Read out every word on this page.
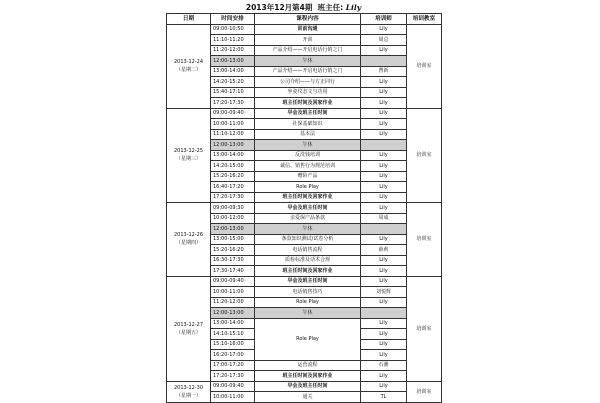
2013年12月第4期 班主任: Lily
日期	时间安排	课程内容	培训师	培训教室
2013-12-24
（星期二）	09:00-10:50	训前沟通	Lily	培训室
	11:10-11:20	开训	周总	
	11:20-12:00	产品介绍——开启电话行销之门	Lily	
	12:00-13:00	午休		
	13:00-14:00	产品介绍——开启电话行销之门	曹新	
	14:20-15:20	公司介绍——与方正同行	Lily	
	15:40-17:10	坐姿仪态文与功用	Lily	
	17:20-17:30	班主任时间及回家作业	Lily	
2013-12-25
（星期三）	09:00-09:40	早会及班主任时间	Lily	培训室
	10:00-11:00	社保基础知识	Lily	
	11:10-12:00	基本法	Lily	
	12:00-13:00	午休		
	13:00-14:00	反洗钱培训	Lily	
	14:20-15:00	诚信、销售行为规范培训	Lily	
	15:20-16:20	赠险产品	Lily	
	16:40-17:20	Role Play	Lily	
	17:20-17:30	班主任时间及回家作业	Lily	
2013-12-26
（星期四）	09:00-09:30	早会及班主任时间	Lily	培训室
	10:00-12:00	亲爱保产品条款	周成	
	12:00-13:00	午休		
	13:00-15:00	条款知识测试/试卷分析	Lily	
	15:20-16:20	电话销售流程	薛莉	
	16:30-17:30	质检标准及话术合规	Lily	
	17:30-17:40	班主任时间及回家作业	Lily	
2013-12-27
（星期五）	09:00-09:40	早会及班主任时间	Lily	培训室
	10:00-11:00	电话销售技巧	刘悦辉	
	11:20-12:00	Role Play	Lily	
	12:00-13:00	午休		
	13:00-14:00	Role Play	Lily	
	14:10-15:10		Lily	
	15:10-16:00		Lily	
	16:20-17:00		Lily	
	17:00-17:20	运营流程	石潮	
	17:20-17:30	班主任时间及回家作业	Lily	
2013-12-30
（星期一）	09:00-09:40	早会及班主任时间	Lily	培训室
	10:00-11:00	通关	TL	
